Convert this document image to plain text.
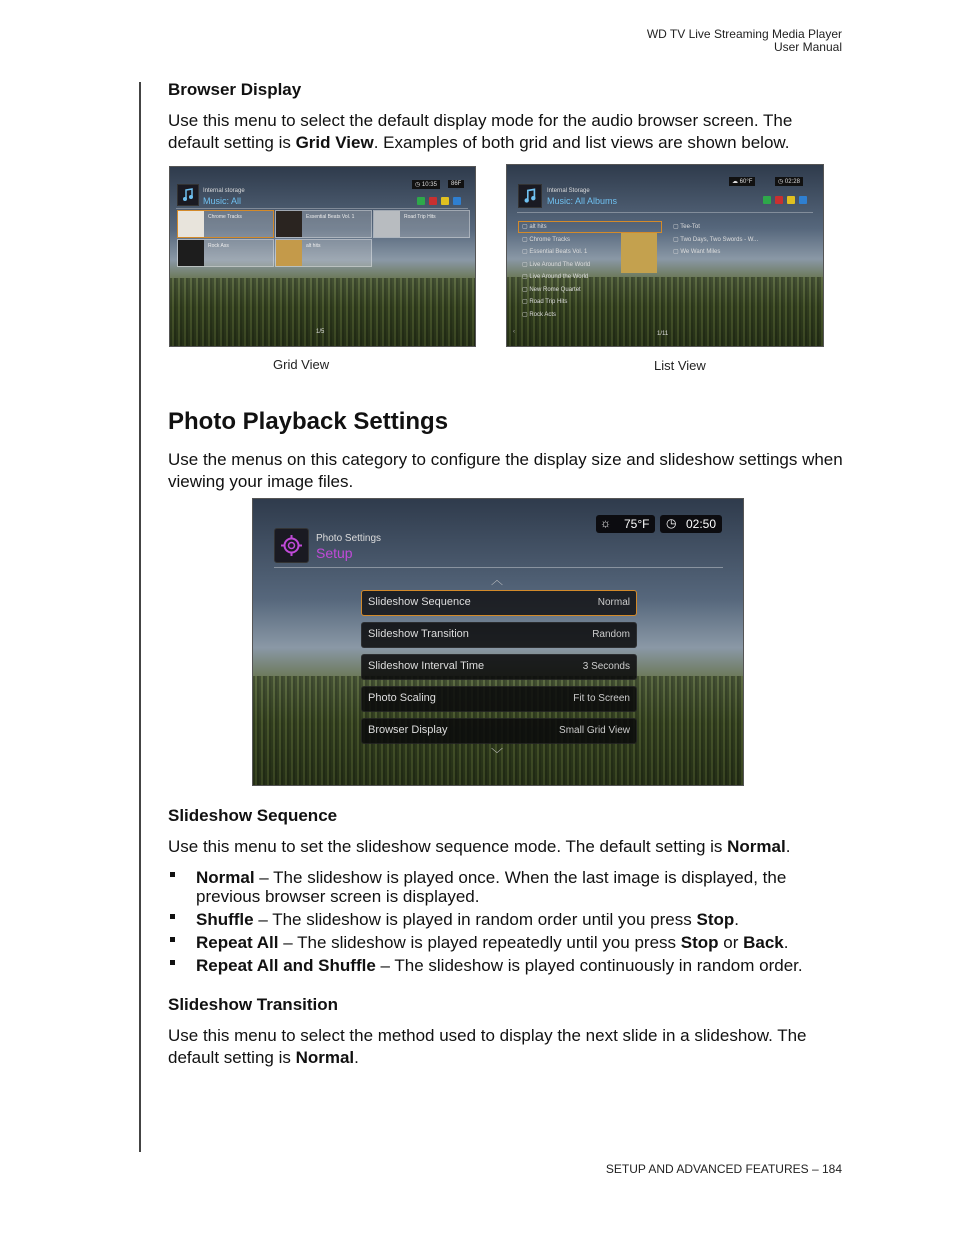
WD TV Live Streaming Media Player
User Manual
Browser Display

Use this menu to select the default display mode for the audio browser screen. The default setting is Grid View. Examples of both grid and list views are shown below.

Grid View	List View
Photo Playback Settings

Use the menus on this category to configure the display size and slideshow settings when viewing your image files.

Slideshow Sequence

Use this menu to set the slideshow sequence mode. The default setting is Normal.

Normal – The slideshow is played once. When the last image is displayed, the previous browser screen is displayed.
Shuffle – The slideshow is played in random order until you press Stop.
Repeat All – The slideshow is played repeatedly until you press Stop or Back.
Repeat All and Shuffle – The slideshow is played continuously in random order.
Slideshow Transition

Use this menu to select the method used to display the next slide in a slideshow. The default setting is Normal.

Internal storage
Music: All
◷ 10:35	86F
Chrome Tracks	Essential Beats Vol. 1	Road Trip Hits
Rock Ass	alt hits
1/5
Internal Storage
Music: All Albums
☁ 60°F	◷ 02:28
▢ alt hits
▢ Chrome Tracks
▢ Essential Beats Vol. 1
▢ Live Around The World
▢ Live Around the World
▢ New Rome Quartet
▢ Road Trip Hits
▢ Rock Acts
▢ Tee-Tot
▢ Two Days, Two Swords - W...
▢ We Want Miles
‹	1/11
Photo Settings
Setup
☼ 75°F ◷ 02:50
︿
Slideshow Sequence	Normal
Slideshow Transition	Random
Slideshow Interval Time	3 Seconds
Photo Scaling	Fit to Screen
Browser Display	Small Grid View
﹀
SETUP AND ADVANCED FEATURES – 184
